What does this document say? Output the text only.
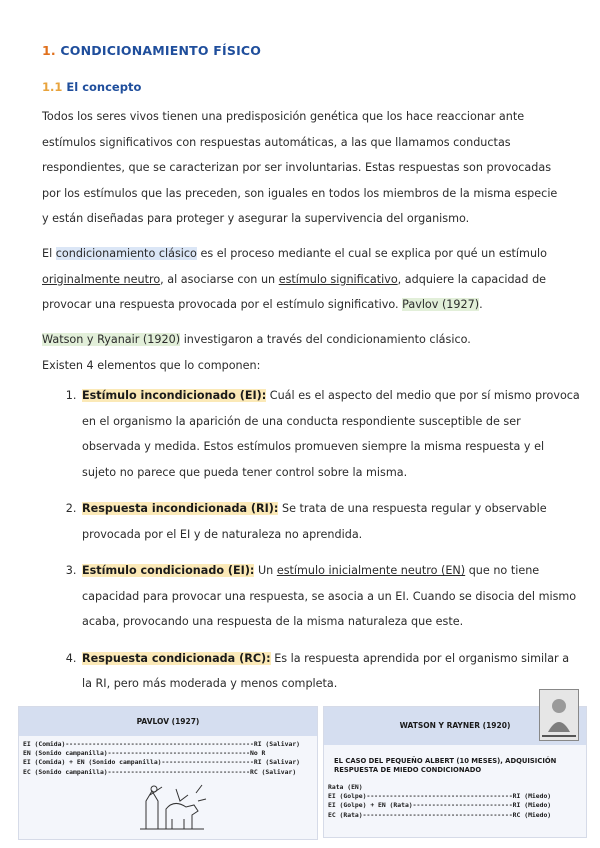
1. CONDICIONAMIENTO FÍSICO
1.1 El concepto
Todos los seres vivos tienen una predisposición genética que los hace reaccionar ante estímulos significativos con respuestas automáticas, a las que llamamos conductas respondientes, que se caracterizan por ser involuntarias. Estas respuestas son provocadas por los estímulos que las preceden, son iguales en todos los miembros de la misma especie y están diseñadas para proteger y asegurar la supervivencia del organismo.
El condicionamiento clásico es el proceso mediante el cual se explica por qué un estímulo originalmente neutro, al asociarse con un estímulo significativo, adquiere la capacidad de provocar una respuesta provocada por el estímulo significativo. Pavlov (1927).
Watson y Ryanair (1920) investigaron a través del condicionamiento clásico.
Existen 4 elementos que lo componen:
1. Estímulo incondicionado (EI): Cuál es el aspecto del medio que por sí mismo provoca en el organismo la aparición de una conducta respondiente susceptible de ser observada y medida. Estos estímulos promueven siempre la misma respuesta y el sujeto no parece que pueda tener control sobre la misma.
2. Respuesta incondicionada (RI): Se trata de una respuesta regular y observable provocada por el EI y de naturaleza no aprendida.
3. Estímulo condicionado (EI): Un estímulo inicialmente neutro (EN) que no tiene capacidad para provocar una respuesta, se asocia a un EI. Cuando se disocia del mismo acaba, provocando una respuesta de la misma naturaleza que este.
4. Respuesta condicionada (RC): Es la respuesta aprendida por el organismo similar a la RI, pero más moderada y menos completa.
PAVLOV (1927)
EI (Comida)-------------------------------------------------RI (Salivar)
EN (Sonido campanilla)-------------------------------------No R
EI (Comida) + EN (Sonido campanilla)------------------------RI (Salivar)
EC (Sonido campanilla)-------------------------------------RC (Salivar)
WATSON Y RAYNER (1920)
EL CASO DEL PEQUEÑO ALBERT (10 MESES), ADQUISICIÓN RESPUESTA DE MIEDO CONDICIONADO
Rata (EN)
EI (Golpe)--------------------------------------RI (Miedo)
EI (Golpe) + EN (Rata)--------------------------RI (Miedo)
EC (Rata)---------------------------------------RC (Miedo)
